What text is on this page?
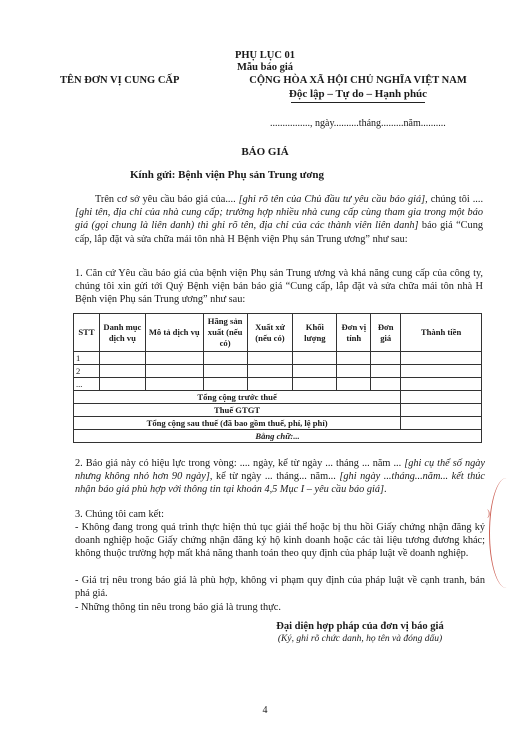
PHỤ LỤC 01
Mẫu báo giá
TÊN ĐƠN VỊ CUNG CẤP	CỘNG HÒA XÃ HỘI CHỦ NGHĨA VIỆT NAM
Độc lập – Tự do – Hạnh phúc
................, ngày..........tháng.........năm..........
BÁO GIÁ
Kính gửi: Bệnh viện Phụ sản Trung ương
Trên cơ sở yêu cầu báo giá của.... [ghi rõ tên của Chủ đầu tư yêu cầu báo giá], chúng tôi .... [ghi tên, địa chỉ của nhà cung cấp; trường hợp nhiều nhà cung cấp cùng tham gia trong một báo giá (gọi chung là liên danh) thì ghi rõ tên, địa chỉ của các thành viên liên danh] báo giá “Cung cấp, lắp đặt và sửa chữa mái tôn nhà H Bệnh viện Phụ sản Trung ương” như sau:
1. Căn cứ Yêu cầu báo giá của bệnh viện Phụ sản Trung ương và khả năng cung cấp của công ty, chúng tôi xin gửi tới Quý Bệnh viện bản báo giá “Cung cấp, lắp đặt và sửa chữa mái tôn nhà H Bệnh viện Phụ sản Trung ương” như sau:
STT	Danh mục dịch vụ	Mô tả dịch vụ	Hãng sản xuất (nếu có)	Xuất xứ (nếu có)	Khối lượng	Đơn vị tính	Đơn giá	Thành tiền
1								
2								
...								
Tổng cộng trước thuế								
Thuế GTGT								
Tổng cộng sau thuế (đã bao gồm thuế, phí, lệ phí)								
Bằng chữ:...								
2. Báo giá này có hiệu lực trong vòng: .... ngày, kể từ ngày ... tháng ... năm ... [ghi cụ thể số ngày nhưng không nhỏ hơn 90 ngày], kể từ ngày ... tháng... năm... [ghi ngày ...tháng...năm... kết thúc nhận báo giá phù hợp với thông tin tại khoản 4,5 Mục I – yêu cầu báo giá].
3. Chúng tôi cam kết:
- Không đang trong quá trình thực hiện thủ tục giải thể hoặc bị thu hồi Giấy chứng nhận đăng ký doanh nghiệp hoặc Giấy chứng nhận đăng ký hộ kinh doanh hoặc các tài liệu tương đương khác; không thuộc trường hợp mất khả năng thanh toán theo quy định của pháp luật về doanh nghiệp.
- Giá trị nêu trong báo giá là phù hợp, không vi phạm quy định của pháp luật về cạnh tranh, bán phá giá.
- Những thông tin nêu trong báo giá là trung thực.
Đại diện hợp pháp của đơn vị báo giá
(Ký, ghi rõ chức danh, họ tên và đóng dấu)
)
4
